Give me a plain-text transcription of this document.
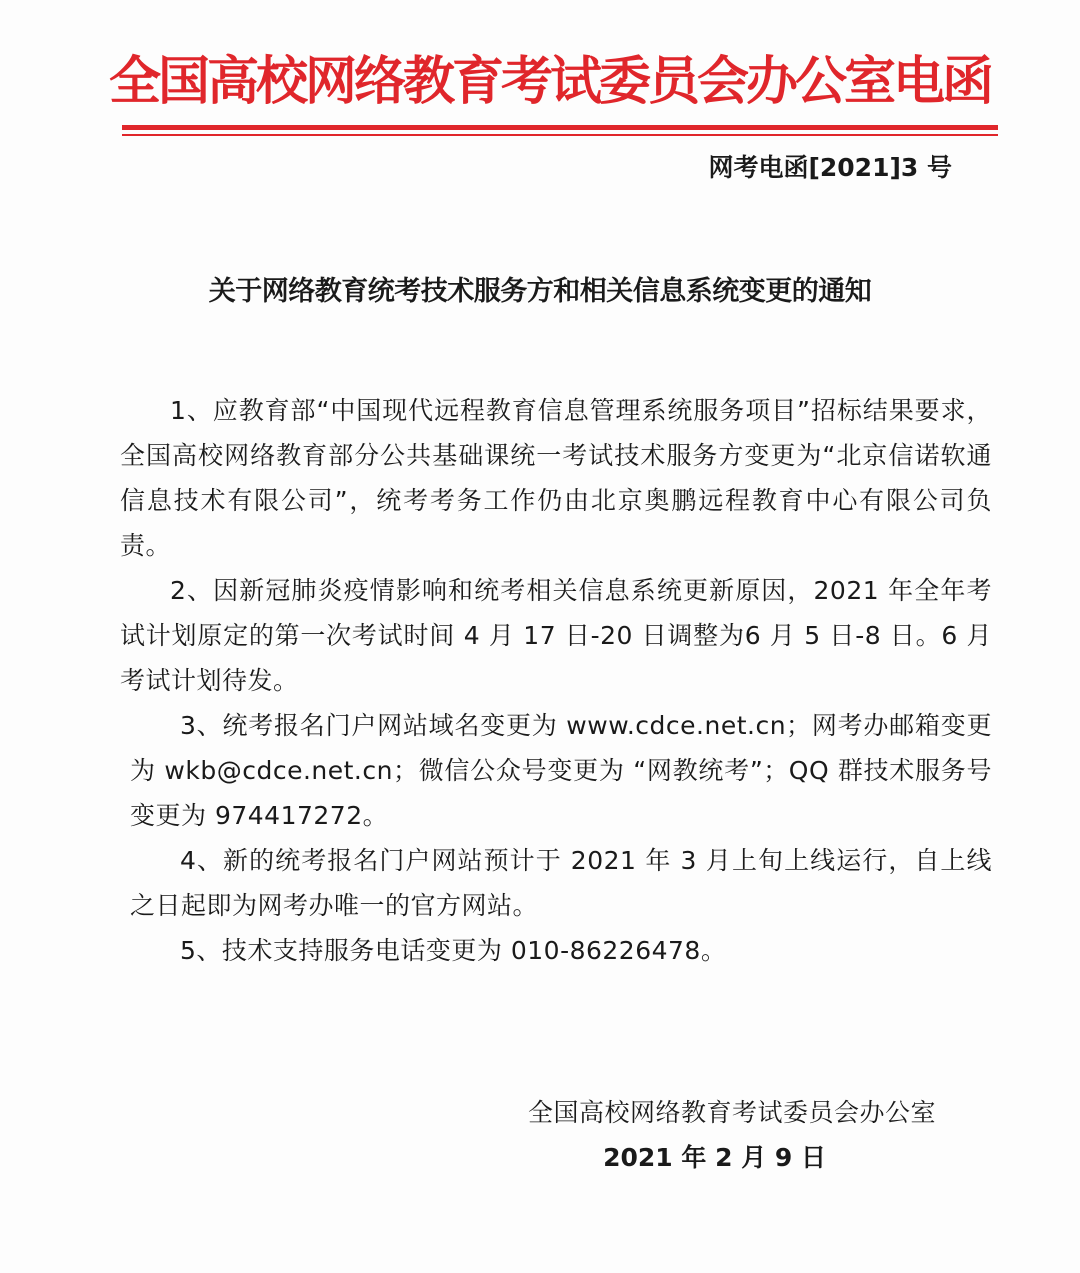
全国高校网络教育考试委员会办公室电函
网考电函[2021]3 号
关于网络教育统考技术服务方和相关信息系统变更的通知

1、应教育部“中国现代远程教育信息管理系统服务项目”招标结果要求，全国高校网络教育部分公共基础课统一考试技术服务方变更为“北京信诺软通信息技术有限公司”，统考考务工作仍由北京奥鹏远程教育中心有限公司负责。

2、因新冠肺炎疫情影响和统考相关信息系统更新原因，2021 年全年考试计划原定的第一次考试时间 4 月 17 日-20 日调整为6 月 5 日-8 日。6 月考试计划待发。

3、统考报名门户网站域名变更为 www.cdce.net.cn；网考办邮箱变更为 wkb@cdce.net.cn；微信公众号变更为 “网教统考”；QQ 群技术服务号变更为 974417272。

4、新的统考报名门户网站预计于 2021 年 3 月上旬上线运行，自上线之日起即为网考办唯一的官方网站。

5、技术支持服务电话变更为 010-86226478。

全国高校网络教育考试委员会办公室
2021 年 2 月 9 日
